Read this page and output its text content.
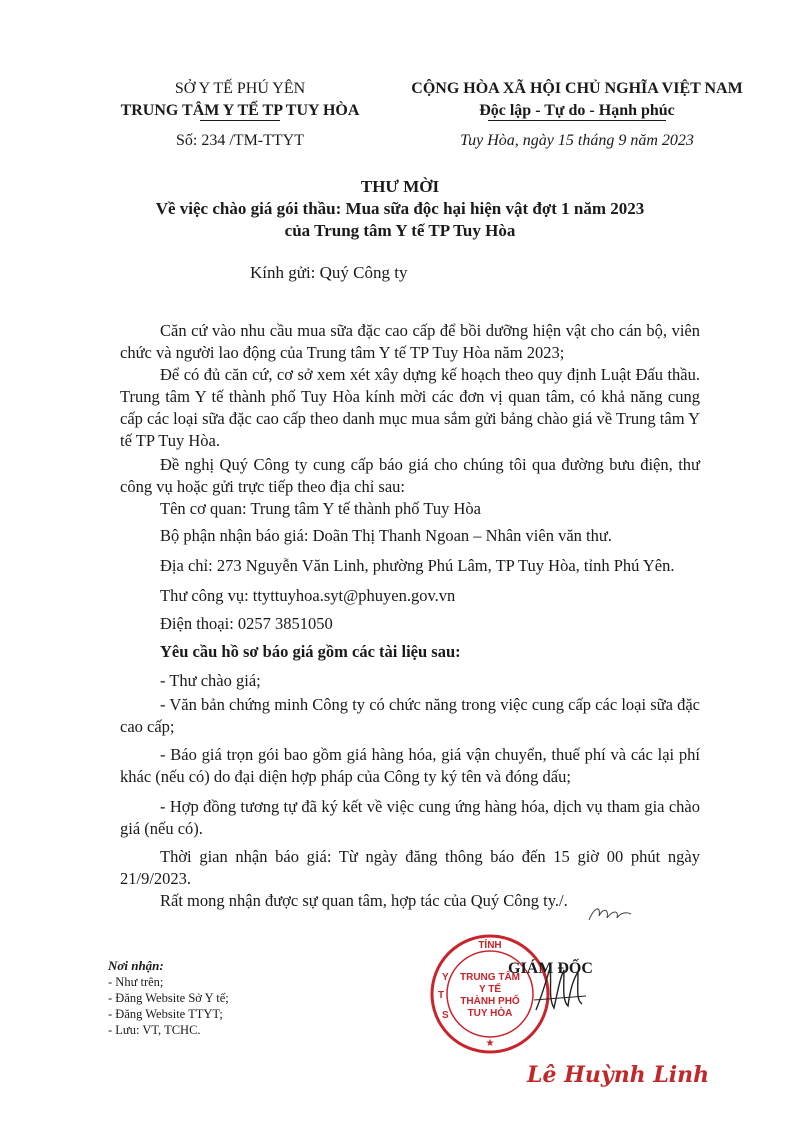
SỞ Y TẾ PHÚ YÊN
TRUNG TÂM Y TẾ TP TUY HÒA
Số: 234 /TM-TTYT
CỘNG HÒA XÃ HỘI CHỦ NGHĨA VIỆT NAM
Độc lập - Tự do - Hạnh phúc
Tuy Hòa, ngày 15 tháng 9 năm 2023
THƯ MỜI
Về việc chào giá gói thầu: Mua sữa độc hại hiện vật đợt 1 năm 2023
của Trung tâm Y tế TP Tuy Hòa
Kính gửi: Quý Công ty
Căn cứ vào nhu cầu mua sữa đặc cao cấp để bồi dưỡng hiện vật cho cán bộ, viên chức và người lao động của Trung tâm Y tế TP Tuy Hòa năm 2023;
Để có đủ căn cứ, cơ sở xem xét xây dựng kế hoạch theo quy định Luật Đấu thầu. Trung tâm Y tế thành phố Tuy Hòa kính mời các đơn vị quan tâm, có khả năng cung cấp các loại sữa đặc cao cấp theo danh mục mua sắm gửi bảng chào giá về Trung tâm Y tế TP Tuy Hòa.
Đề nghị Quý Công ty cung cấp báo giá cho chúng tôi qua đường bưu điện, thư công vụ hoặc gửi trực tiếp theo địa chỉ sau:
Tên cơ quan: Trung tâm Y tế thành phố Tuy Hòa
Bộ phận nhận báo giá: Doãn Thị Thanh Ngoan – Nhân viên văn thư.
Địa chỉ: 273 Nguyễn Văn Linh, phường Phú Lâm, TP Tuy Hòa, tỉnh Phú Yên.
Thư công vụ: ttyttuyhoa.syt@phuyen.gov.vn
Điện thoại: 0257 3851050
Yêu cầu hồ sơ báo giá gồm các tài liệu sau:
- Thư chào giá;
- Văn bản chứng minh Công ty có chức năng trong việc cung cấp các loại sữa đặc cao cấp;
- Báo giá trọn gói bao gồm giá hàng hóa, giá vận chuyển, thuế phí và các lại phí khác (nếu có) do đại diện hợp pháp của Công ty ký tên và đóng dấu;
- Hợp đồng tương tự đã ký kết về việc cung ứng hàng hóa, dịch vụ tham gia chào giá (nếu có).
Thời gian nhận báo giá: Từ ngày đăng thông báo đến 15 giờ 00 phút ngày 21/9/2023.
Rất mong nhận được sự quan tâm, hợp tác của Quý Công ty./.
Nơi nhận:
- Như trên;
- Đăng Website Sở Y tế;
- Đăng Website TTYT;
- Lưu: VT, TCHC.
TỈNH
TRUNG TÂM
Y TẾ
THÀNH PHỐ
TUY HÒA
Y
T
S
★
GIÁM ĐỐC
Lê Huỳnh Linh
